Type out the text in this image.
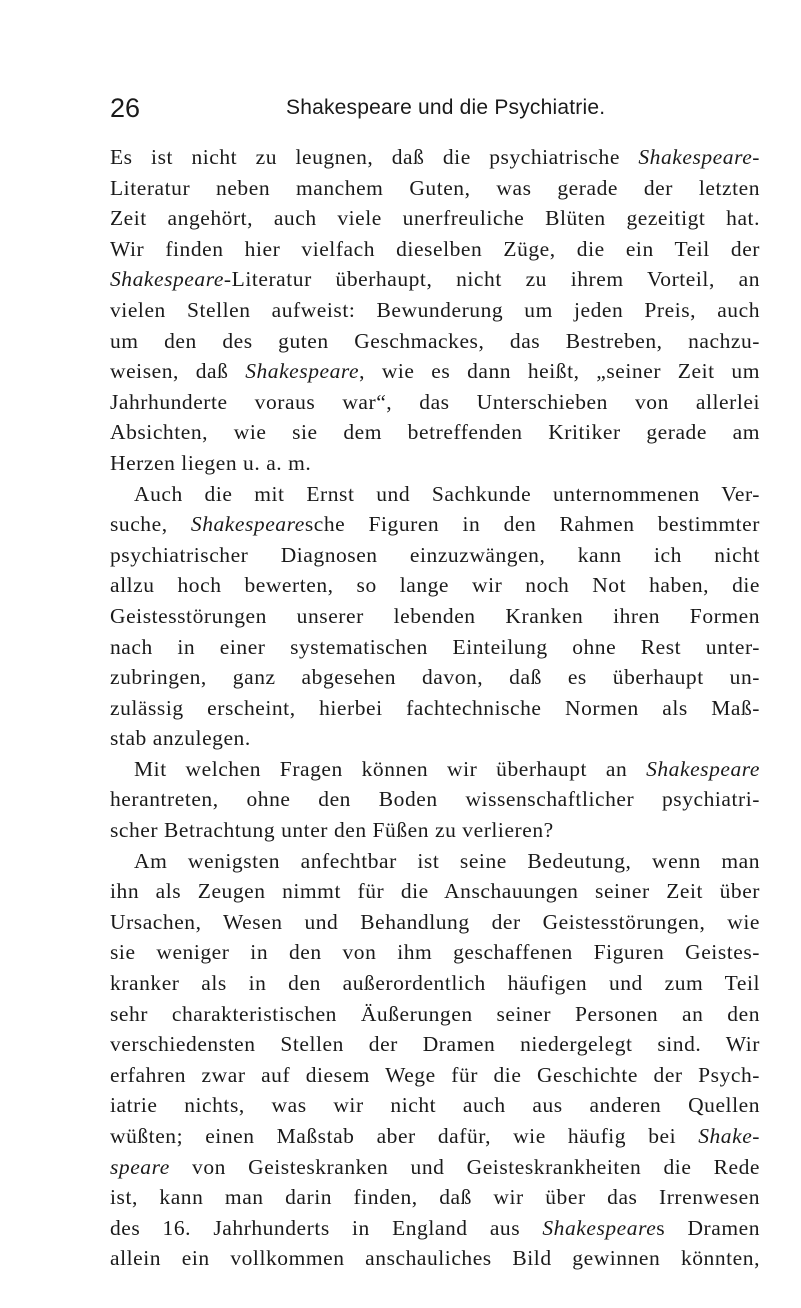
26	Shakespeare und die Psychiatrie.
Es ist nicht zu leugnen, daß die psychiatrische Shakespeare-
Literatur neben manchem Guten, was gerade der letzten
Zeit angehört, auch viele unerfreuliche Blüten gezeitigt hat.
Wir finden hier vielfach dieselben Züge, die ein Teil der
Shakespeare-Literatur überhaupt, nicht zu ihrem Vorteil, an
vielen Stellen aufweist: Bewunderung um jeden Preis, auch
um den des guten Geschmackes, das Bestreben, nachzu-
weisen, daß Shakespeare, wie es dann heißt, „seiner Zeit um
Jahrhunderte voraus war“, das Unterschieben von allerlei
Absichten, wie sie dem betreffenden Kritiker gerade am
Herzen liegen u. a. m.
Auch die mit Ernst und Sachkunde unternommenen Ver-
suche, Shakespearesche Figuren in den Rahmen bestimmter
psychiatrischer Diagnosen einzuzwängen, kann ich nicht
allzu hoch bewerten, so lange wir noch Not haben, die
Geistesstörungen unserer lebenden Kranken ihren Formen
nach in einer systematischen Einteilung ohne Rest unter-
zubringen, ganz abgesehen davon, daß es überhaupt un-
zulässig erscheint, hierbei fachtechnische Normen als Maß-
stab anzulegen.
Mit welchen Fragen können wir überhaupt an Shakespeare
herantreten, ohne den Boden wissenschaftlicher psychiatri-
scher Betrachtung unter den Füßen zu verlieren?
Am wenigsten anfechtbar ist seine Bedeutung, wenn man
ihn als Zeugen nimmt für die Anschauungen seiner Zeit über
Ursachen, Wesen und Behandlung der Geistesstörungen, wie
sie weniger in den von ihm geschaffenen Figuren Geistes-
kranker als in den außerordentlich häufigen und zum Teil
sehr charakteristischen Äußerungen seiner Personen an den
verschiedensten Stellen der Dramen niedergelegt sind. Wir
erfahren zwar auf diesem Wege für die Geschichte der Psych-
iatrie nichts, was wir nicht auch aus anderen Quellen
wüßten; einen Maßstab aber dafür, wie häufig bei Shake-
speare von Geisteskranken und Geisteskrankheiten die Rede
ist, kann man darin finden, daß wir über das Irrenwesen
des 16. Jahrhunderts in England aus Shakespeares Dramen
allein ein vollkommen anschauliches Bild gewinnen könnten,
